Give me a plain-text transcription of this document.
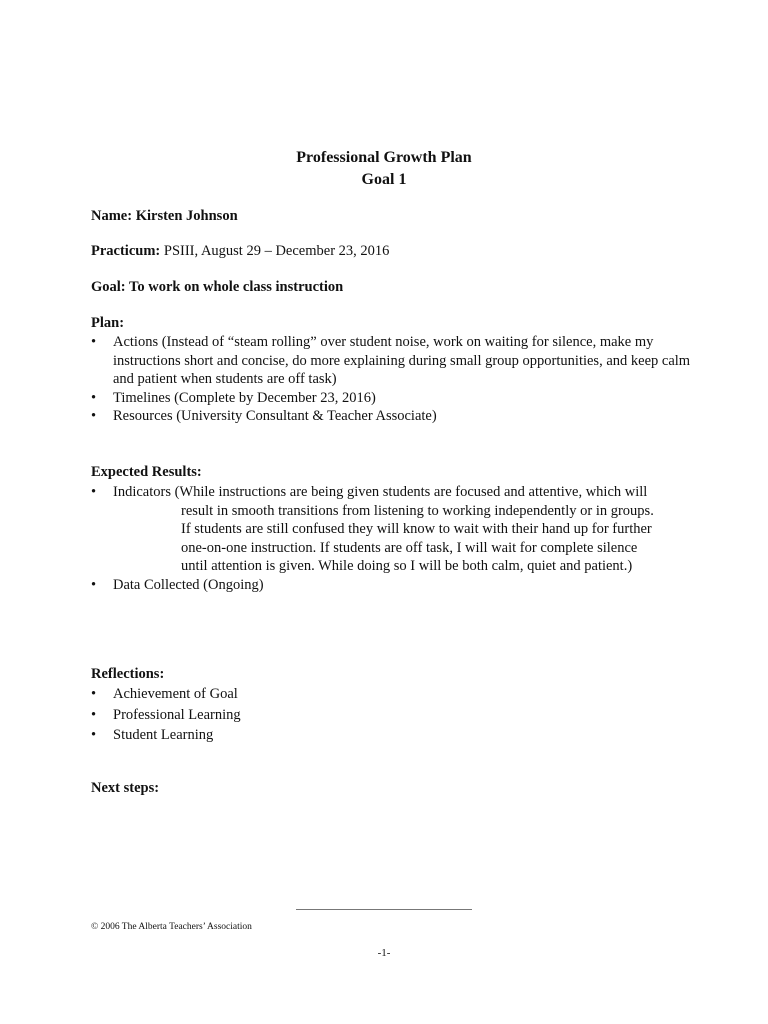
Professional Growth Plan
Goal 1
Name: Kirsten Johnson
Practicum: PSIII, August 29 – December 23, 2016
Goal: To work on whole class instruction
Plan:
•	Actions (Instead of “steam rolling” over student noise, work on waiting for silence, make my instructions short and concise, do more explaining during small group opportunities, and keep calm and patient when students are off task)
•	Timelines (Complete by December 23, 2016)
•	Resources (University Consultant & Teacher Associate)
Expected Results:
•	Indicators (While instructions are being given students are focused and attentive, which will
result in smooth transitions from listening to working independently or in groups.
If students are still confused they will know to wait with their hand up for further
one-on-one instruction. If students are off task, I will wait for complete silence
until attention is given. While doing so I will be both calm, quiet and patient.)
•	Data Collected (Ongoing)
Reflections:
•	Achievement of Goal
•	Professional Learning
•	Student Learning
Next steps:
© 2006 The Alberta Teachers’ Association
-1-
